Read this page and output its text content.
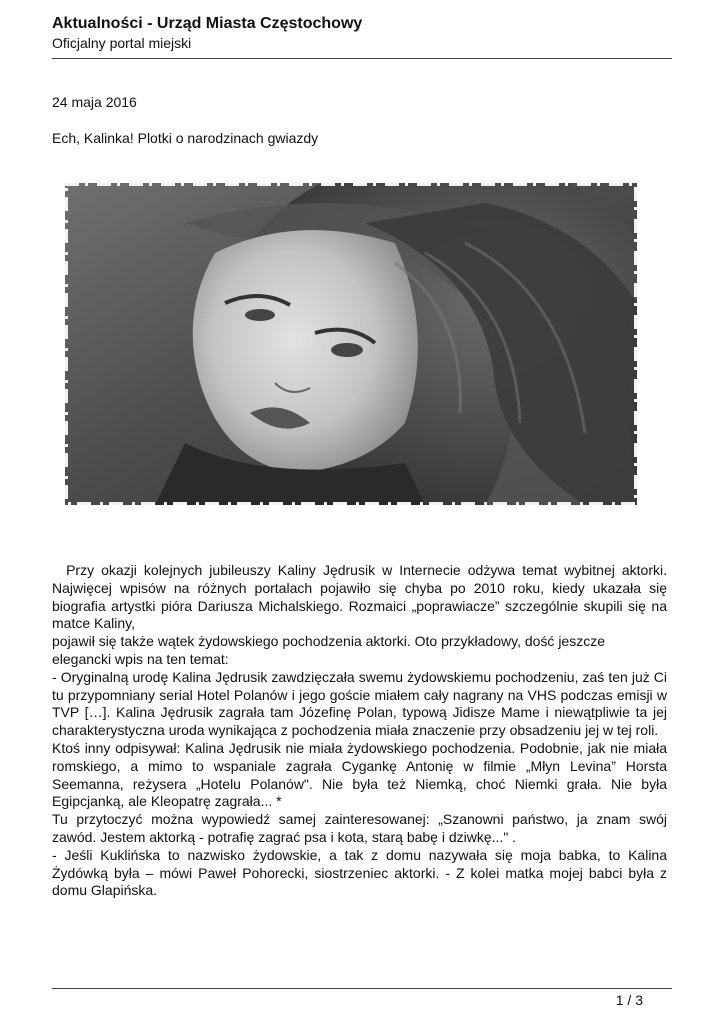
Aktualności - Urząd Miasta Częstochowy

Oficjalny portal miejski

24 maja 2016
Ech, Kalinka! Plotki o narodzinach gwiazdy

Przy okazji kolejnych jubileuszy Kaliny Jędrusik w Internecie odżywa temat wybitnej aktorki. Najwięcej wpisów na różnych portalach pojawiło się chyba po 2010 roku, kiedy ukazała się biografia artystki pióra Dariusza Michalskiego. Rozmaici „poprawiacze” szczególnie skupili się na matce Kaliny,

pojawił się także wątek żydowskiego pochodzenia aktorki. Oto przykładowy, dość jeszcze elegancki wpis na ten temat:

- Oryginalną urodę Kalina Jędrusik zawdzięczała swemu żydowskiemu pochodzeniu, zaś ten już Ci tu przypomniany serial Hotel Polanów i jego goście miałem cały nagrany na VHS podczas emisji w TVP […]. Kalina Jędrusik zagrała tam Józefinę Polan, typową Jidisze Mame i niewątpliwie ta jej charakterystyczna uroda wynikająca z pochodzenia miała znaczenie przy obsadzeniu jej w tej roli.

Ktoś inny odpisywał: Kalina Jędrusik nie miała żydowskiego pochodzenia. Podobnie, jak nie miała romskiego, a mimo to wspaniale zagrała Cygankę Antonię w filmie „Młyn Levina” Horsta Seemanna, reżysera „Hotelu Polanów". Nie była też Niemką, choć Niemki grała. Nie była Egipcjanką, ale Kleopatrę zagrała... *

Tu przytoczyć można wypowiedź samej zainteresowanej: „Szanowni państwo, ja znam swój zawód. Jestem aktorką - potrafię zagrać psa i kota, starą babę i dziwkę..." .

- Jeśli Kuklińska to nazwisko żydowskie, a tak z domu nazywała się moja babka, to Kalina Żydówką była – mówi Paweł Pohorecki, siostrzeniec aktorki. - Z kolei matka mojej babci była z domu Glapińska.

1 / 3
